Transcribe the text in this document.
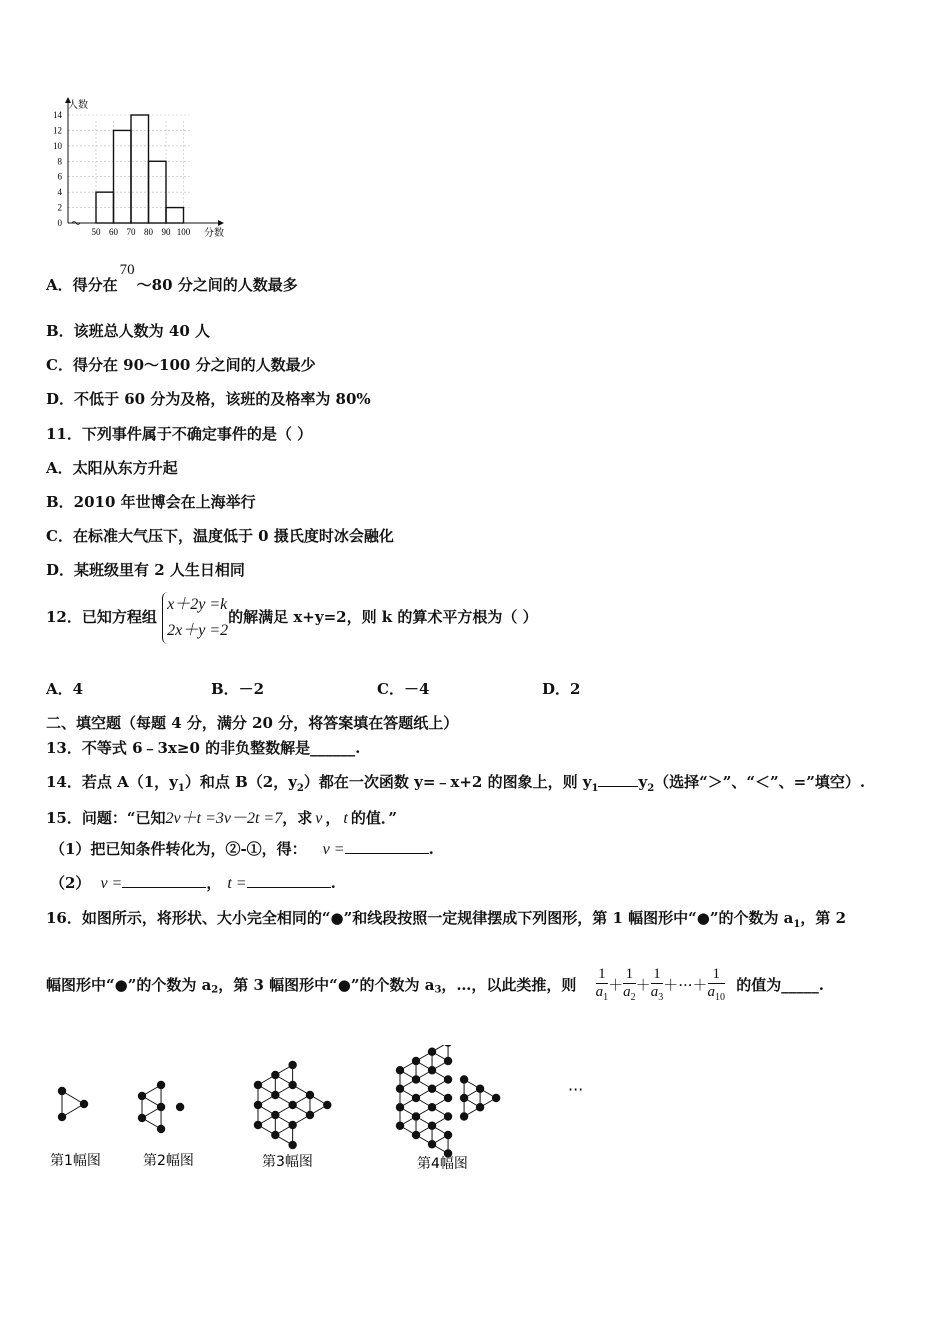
0
2
4
6
8
10
12
14
50 60 70 80 90 100
人数
分数
A．得分在70～80 分之间的人数最多
B．该班总人数为 40 人
C．得分在 90～100 分之间的人数最少
D．不低于 60 分为及格，该班的及格率为 80%
11．下列事件属于不确定事件的是（ ）
A．太阳从东方升起
B．2010 年世博会在上海举行
C．在标准大气压下，温度低于 0 摄氏度时冰会融化
D．某班级里有 2 人生日相同
12．已知方程组
x＋2y =k
2x＋y =2
的解满足 x+y=2，则 k 的算术平方根为（ ）
A．4	B．－2	C．－4	D．2
二、填空题（每题 4 分，满分 20 分，将答案填在答题纸上）
13．不等式 6﹣3x≥0 的非负整数解是______.
14．若点 A（1，$y_1$）和点 B（2，$y_2$）都在一次函数 y=﹣x+2 的图象上，则 $y_1$	$y_2$（选择“＞”、“＜”、=”填空）.
15．问题：“已知2v＋t =3v－2t =7，求 v ， t 的值．”
（1）把已知条件转化为，②-①，得： v =	.
（2） v =	， t =	.
16．如图所示，将形状、大小完全相同的“●”和线段按照一定规律摆成下列图形，第 1 幅图形中“●”的个数为 $a_1$，第 2
幅图形中“●”的个数为 $a_2$，第 3 幅图形中“●”的个数为 $a_3$，…，以此类推，则 $\frac{1}{a_1} + \frac{1}{a_2} + \frac{1}{a_3}$ ＋···＋ $\frac{1}{a_{10}}$ 的值为_____.
第1幅图	第2幅图	第3幅图	第4幅图
···
